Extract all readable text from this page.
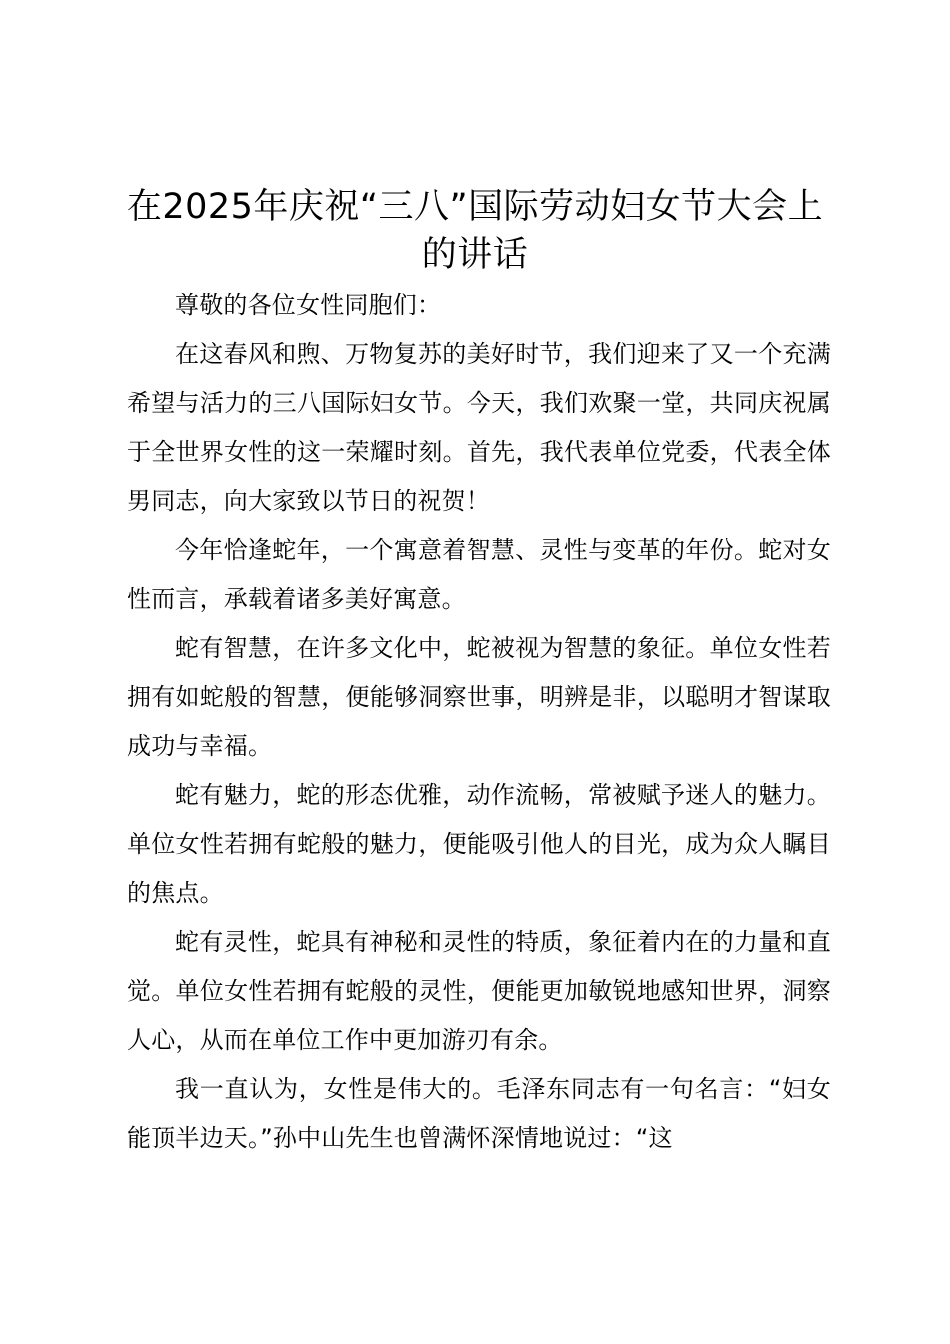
在2025年庆祝“三八”国际劳动妇女节大会上的讲话

尊敬的各位女性同胞们：

在这春风和煦、万物复苏的美好时节，我们迎来了又一个充满希望与活力的三八国际妇女节。今天，我们欢聚一堂，共同庆祝属于全世界女性的这一荣耀时刻。首先，我代表单位党委，代表全体男同志，向大家致以节日的祝贺！

今年恰逢蛇年，一个寓意着智慧、灵性与变革的年份。蛇对女性而言，承载着诸多美好寓意。

蛇有智慧，在许多文化中，蛇被视为智慧的象征。单位女性若拥有如蛇般的智慧，便能够洞察世事，明辨是非，以聪明才智谋取成功与幸福。

蛇有魅力，蛇的形态优雅，动作流畅，常被赋予迷人的魅力。单位女性若拥有蛇般的魅力，便能吸引他人的目光，成为众人瞩目的焦点。

蛇有灵性，蛇具有神秘和灵性的特质，象征着内在的力量和直觉。单位女性若拥有蛇般的灵性，便能更加敏锐地感知世界，洞察人心，从而在单位工作中更加游刃有余。

我一直认为，女性是伟大的。毛泽东同志有一句名言：“妇女能顶半边天。”孙中山先生也曾满怀深情地说过：“这
